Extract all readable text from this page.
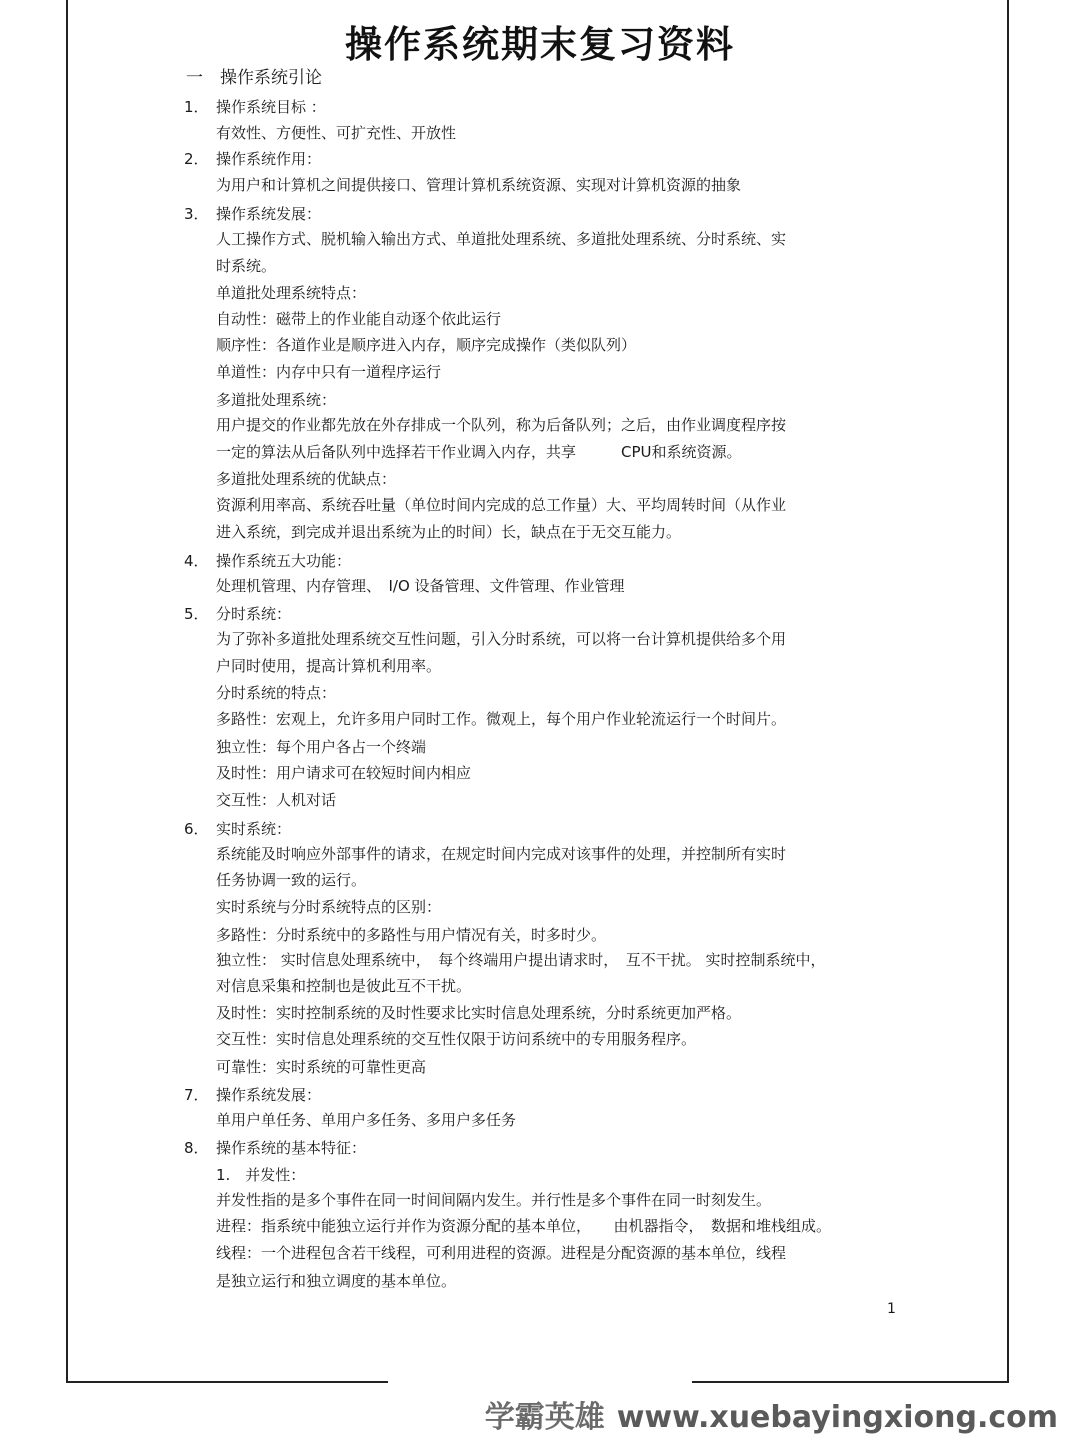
操作系统期末复习资料
一　操作系统引论
1． 操作系统目标 ：
有效性、方便性、可扩充性、开放性
2． 操作系统作用：
为用户和计算机之间提供接口、管理计算机系统资源、实现对计算机资源的抽象
3． 操作系统发展：
人工操作方式、脱机输入输出方式、单道批处理系统、多道批处理系统、分时系统、实
时系统。
单道批处理系统特点：
自动性：磁带上的作业能自动逐个依此运行
顺序性：各道作业是顺序进入内存，顺序完成操作（类似队列）
单道性：内存中只有一道程序运行
多道批处理系统：
用户提交的作业都先放在外存排成一个队列，称为后备队列；之后，由作业调度程序按
一定的算法从后备队列中选择若干作业调入内存，共享　　　CPU和系统资源。
多道批处理系统的优缺点：
资源利用率高、系统吞吐量（单位时间内完成的总工作量）大、平均周转时间（从作业
进入系统，到完成并退出系统为止的时间）长，缺点在于无交互能力。
4． 操作系统五大功能：
处理机管理、内存管理、　I/O 设备管理、文件管理、作业管理
5． 分时系统：
为了弥补多道批处理系统交互性问题，引入分时系统，可以将一台计算机提供给多个用
户同时使用，提高计算机利用率。
分时系统的特点：
多路性：宏观上，允许多用户同时工作。微观上，每个用户作业轮流运行一个时间片。
独立性：每个用户各占一个终端
及时性：用户请求可在较短时间内相应
交互性：人机对话
6． 实时系统：
系统能及时响应外部事件的请求，在规定时间内完成对该事件的处理，并控制所有实时
任务协调一致的运行。
实时系统与分时系统特点的区别：
多路性：分时系统中的多路性与用户情况有关，时多时少。
独立性： 实时信息处理系统中，　每个终端用户提出请求时，　互不干扰。 实时控制系统中，
对信息采集和控制也是彼此互不干扰。
及时性：实时控制系统的及时性要求比实时信息处理系统，分时系统更加严格。
交互性：实时信息处理系统的交互性仅限于访问系统中的专用服务程序。
可靠性：实时系统的可靠性更高
7． 操作系统发展：
单用户单任务、单用户多任务、多用户多任务
8． 操作系统的基本特征：
1.　并发性：
并发性指的是多个事件在同一时间间隔内发生。并行性是多个事件在同一时刻发生。
进程：指系统中能独立运行并作为资源分配的基本单位，　　由机器指令，　数据和堆栈组成。
线程：一个进程包含若干线程，可利用进程的资源。进程是分配资源的基本单位，线程
是独立运行和独立调度的基本单位。
1
学霸英雄 www.xuebayingxiong.com
